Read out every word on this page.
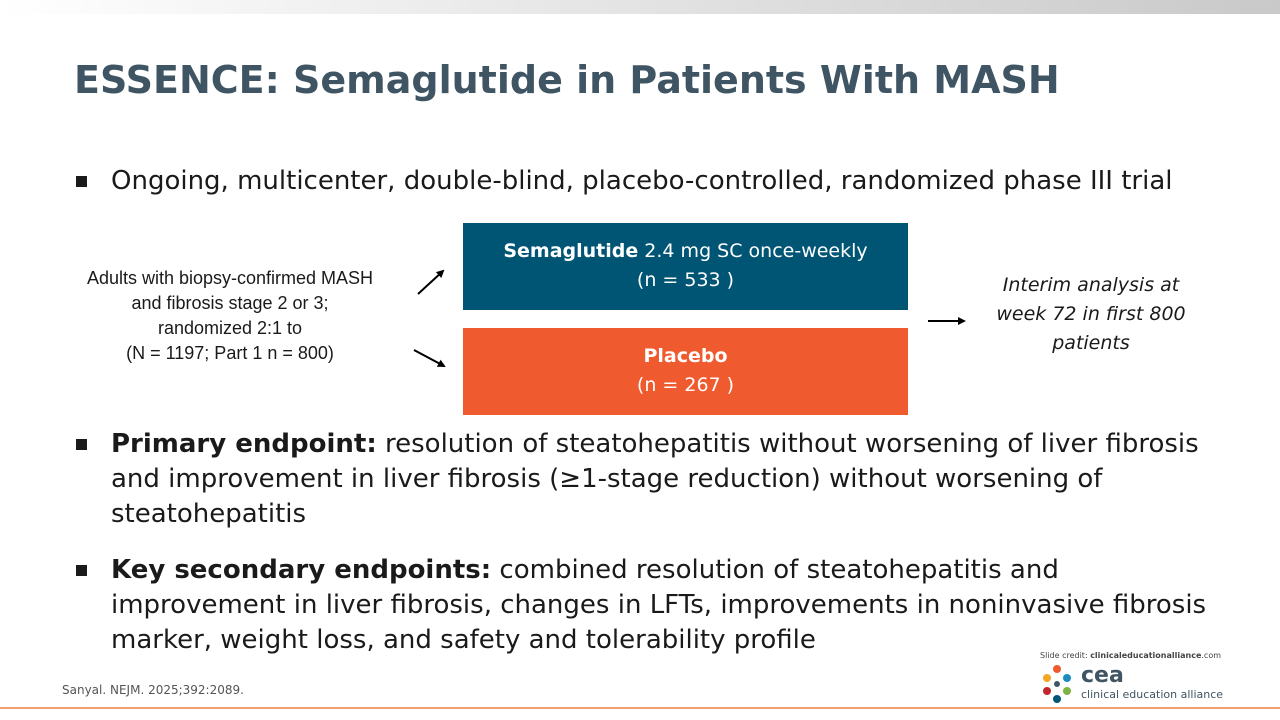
ESSENCE: Semaglutide in Patients With MASH
Ongoing, multicenter, double-blind, placebo-controlled, randomized phase III trial
Adults with biopsy-confirmed MASH
and fibrosis stage 2 or 3;
randomized 2:1 to
(N = 1197; Part 1 n = 800)
Semaglutide 2.4 mg SC once-weekly
(n = 533 )
Placebo
(n = 267 )
Interim analysis at
week 72 in first 800
patients
Primary endpoint: resolution of steatohepatitis without worsening of liver fibrosis and improvement in liver fibrosis (≥1-stage reduction) without worsening of steatohepatitis
Key secondary endpoints: combined resolution of steatohepatitis and improvement in liver fibrosis, changes in LFTs, improvements in noninvasive fibrosis marker, weight loss, and safety and tolerability profile
Sanyal. NEJM. 2025;392:2089.
Slide credit: clinicaleducationalliance.com
cea
clinical education alliance
